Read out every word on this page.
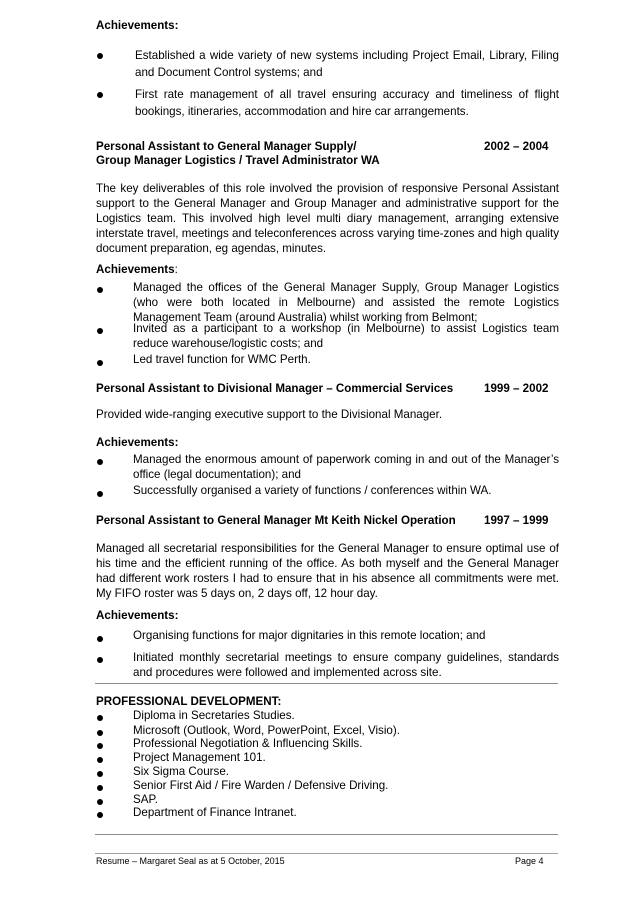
Achievements:
Established a wide variety of new systems including Project Email, Library, Filing and Document Control systems; and
First rate management of all travel ensuring accuracy and timeliness of flight bookings, itineraries, accommodation and hire car arrangements.
Personal Assistant to General Manager Supply/	2002 – 2004
Group Manager Logistics / Travel Administrator WA
The key deliverables of this role involved the provision of responsive Personal Assistant support to the General Manager and Group Manager and administrative support for the Logistics team. This involved high level multi diary management, arranging extensive interstate travel, meetings and teleconferences across varying time-zones and high quality document preparation, eg agendas, minutes.
Achievements:
Managed the offices of the General Manager Supply, Group Manager Logistics (who were both located in Melbourne) and assisted the remote Logistics Management Team (around Australia) whilst working from Belmont;
Invited as a participant to a workshop (in Melbourne) to assist Logistics team reduce warehouse/logistic costs; and
Led travel function for WMC Perth.
Personal Assistant to Divisional Manager – Commercial Services	1999 – 2002
Provided wide-ranging executive support to the Divisional Manager.
Achievements:
Managed the enormous amount of paperwork coming in and out of the Manager’s office (legal documentation); and
Successfully organised a variety of functions / conferences within WA.
Personal Assistant to General Manager Mt Keith Nickel Operation 1997 – 1999
Managed all secretarial responsibilities for the General Manager to ensure optimal use of his time and the efficient running of the office. As both myself and the General Manager had different work rosters I had to ensure that in his absence all commitments were met. My FIFO roster was 5 days on, 2 days off, 12 hour day.
Achievements:
Organising functions for major dignitaries in this remote location; and
Initiated monthly secretarial meetings to ensure company guidelines, standards and procedures were followed and implemented across site.
PROFESSIONAL DEVELOPMENT:
Diploma in Secretaries Studies.
Microsoft (Outlook, Word, PowerPoint, Excel, Visio).
Professional Negotiation & Influencing Skills.
Project Management 101.
Six Sigma Course.
Senior First Aid / Fire Warden / Defensive Driving.
SAP.
Department of Finance Intranet.
Resume – Margaret Seal as at 5 October, 2015	Page 4
